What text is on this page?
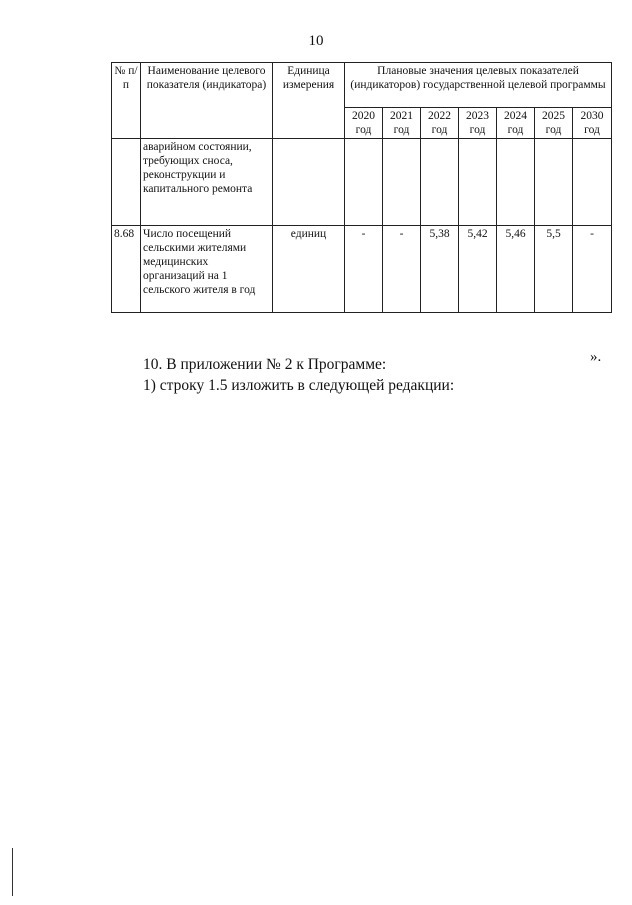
10
№ п/п	Наименование целевого показателя (индикатора)	Единица измерения	Плановые значения целевых показателей (индикаторов) государственной целевой программы						
			2020 год	2021 год	2022 год	2023 год	2024 год	2025 год	2030 год
	аварийном состоянии, требующих сноса, реконструкции и капитального ремонта								
8.68	Число посещений сельскими жителями медицинских организаций на 1 сельского жителя в год	единиц	-	-	5,38	5,42	5,46	5,5	-
».
10. В приложении № 2 к Программе:
1) строку 1.5 изложить в следующей редакции:
